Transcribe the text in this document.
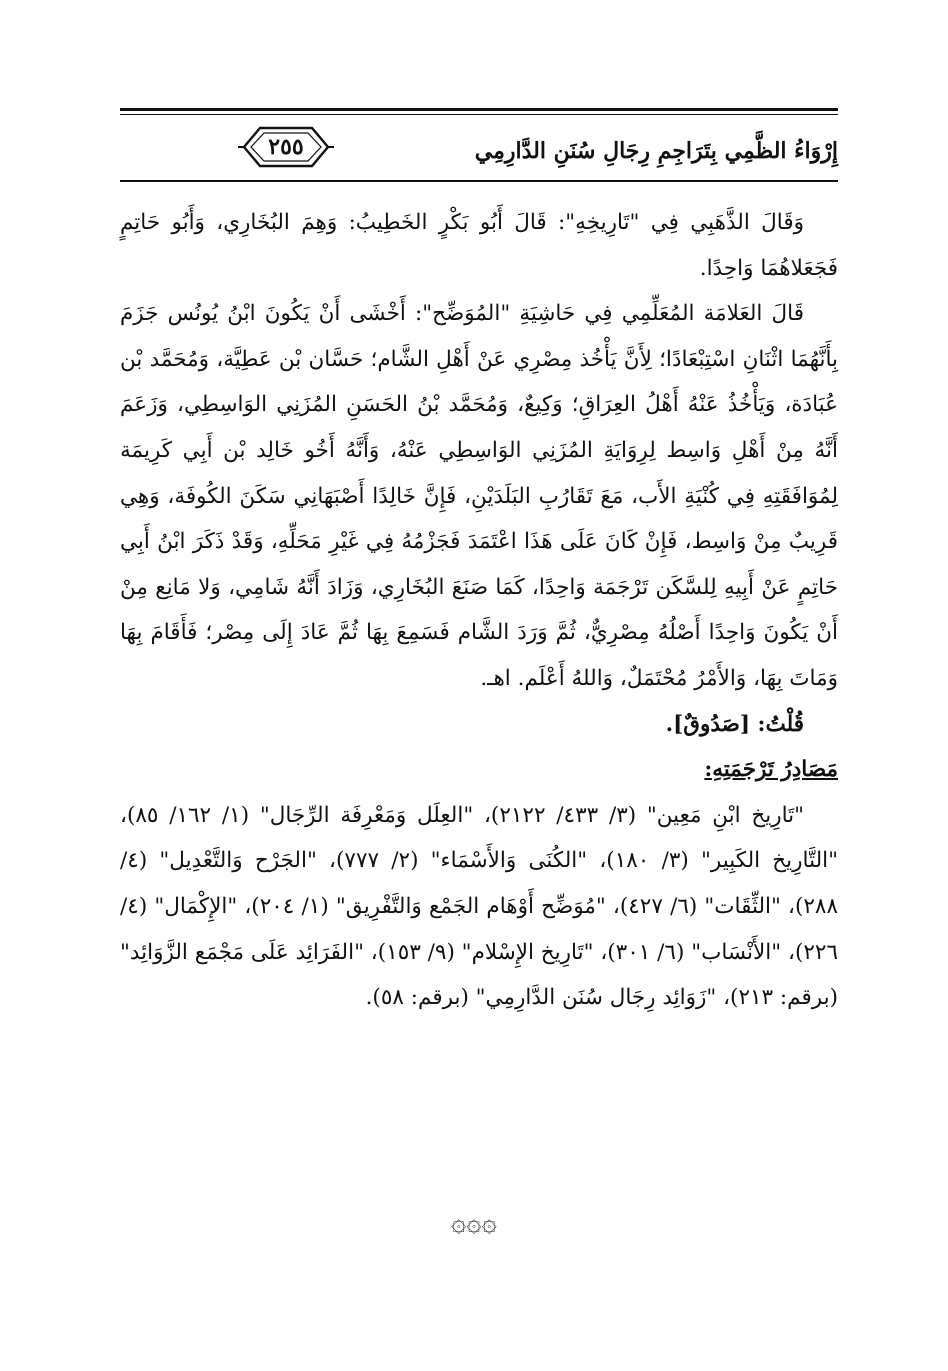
٢٥٥	إِرْوَاءُ الظَّمِي بِتَرَاجِمِ رِجَالِ سُنَنِ الدَّارِمِي

وَقَالَ الذَّهَبِي فِي "تَارِيخِهِ": قَالَ أَبُو بَكْرٍ الخَطِيبُ: وَهِمَ البُخَارِي، وَأَبُو حَاتِمٍ فَجَعَلاهُمَا وَاحِدًا.

قَالَ العَلامَة المُعَلِّمِي فِي حَاشِيَةِ "المُوَضِّح": أَخْشَى أَنْ يَكُونَ ابْنُ يُونُس جَزَمَ بِأَنَّهُمَا اثْنَانِ اسْتِبْعَادًا؛ لِأَنَّ يَأْخُذ مِصْرِي عَنْ أَهْلِ الشَّام؛ حَسَّان بْن عَطِيَّة، وَمُحَمَّد بْن عُبَادَة، وَيَأْخُذُ عَنْهُ أَهْلُ العِرَاقِ؛ وَكِيعٌ، وَمُحَمَّد بْنُ الحَسَنِ المُزَنِي الوَاسِطِي، وَزَعَمَ أَنَّهُ مِنْ أَهْلِ وَاسِط لِرِوَايَةِ المُزَنِي الوَاسِطِي عَنْهُ، وَأَنَّهُ أَخُو خَالِد بْن أَبِي كَرِيمَة لِمُوَافَقَتِهِ فِي كُنْيَةِ الأَب، مَعَ تَقَارُبِ البَلَدَيْنِ، فَإِنَّ خَالِدًا أَصْبَهَانِي سَكَنَ الكُوفَة، وَهِي قَرِيبٌ مِنْ وَاسِط، فَإِنْ كَانَ عَلَى هَذَا اعْتَمَدَ فَجَزْمُهُ فِي غَيْرِ مَحَلِّهِ، وَقَدْ ذَكَرَ ابْنُ أَبِي حَاتِمٍ عَنْ أَبِيهِ لِلسَّكَن تَرْجَمَة وَاحِدًا، كَمَا صَنَعَ البُخَارِي، وَزَادَ أَنَّهُ شَامِي، وَلا مَانِع مِنْ أَنْ يَكُونَ وَاحِدًا أَصْلُهُ مِصْرِيٌّ، ثُمَّ وَرَدَ الشَّام فَسَمِعَ بِهَا ثُمَّ عَادَ إِلَى مِصْر؛ فَأَقَامَ بِهَا وَمَاتَ بِهَا، وَالأَمْرُ مُحْتَمَلٌ، وَاللهُ أَعْلَم. اهـ.

قُلْتُ: [صَدُوقٌ].

مَصَادِرُ تَرْجَمَتِهِ:

"تَارِيخ ابْنِ مَعِين" (٣/ ٤٣٣/ ٢١٢٢)، "العِلَل وَمَعْرِفَة الرِّجَال" (١/ ١٦٢/ ٨٥)، "التَّارِيخ الكَبِير" (٣/ ١٨٠)، "الكُنَى وَالأَسْمَاء" (٢/ ٧٧٧)، "الجَرْح وَالتَّعْدِيل" (٤/ ٢٨٨)، "الثِّقَات" (٦/ ٤٢٧)، "مُوَضِّح أَوْهَام الجَمْع وَالتَّفْرِيق" (١/ ٢٠٤)، "الإِكْمَال" (٤/ ٢٢٦)، "الأَنْسَاب" (٦/ ٣٠١)، "تَارِيخ الإِسْلام" (٩/ ١٥٣)، "الفَرَائِد عَلَى مَجْمَع الزَّوَائِد" (برقم: ٢١٣)، "زَوَائِد رِجَال سُنَن الدَّارِمِي" (برقم: ٥٨).

۞۞۞
